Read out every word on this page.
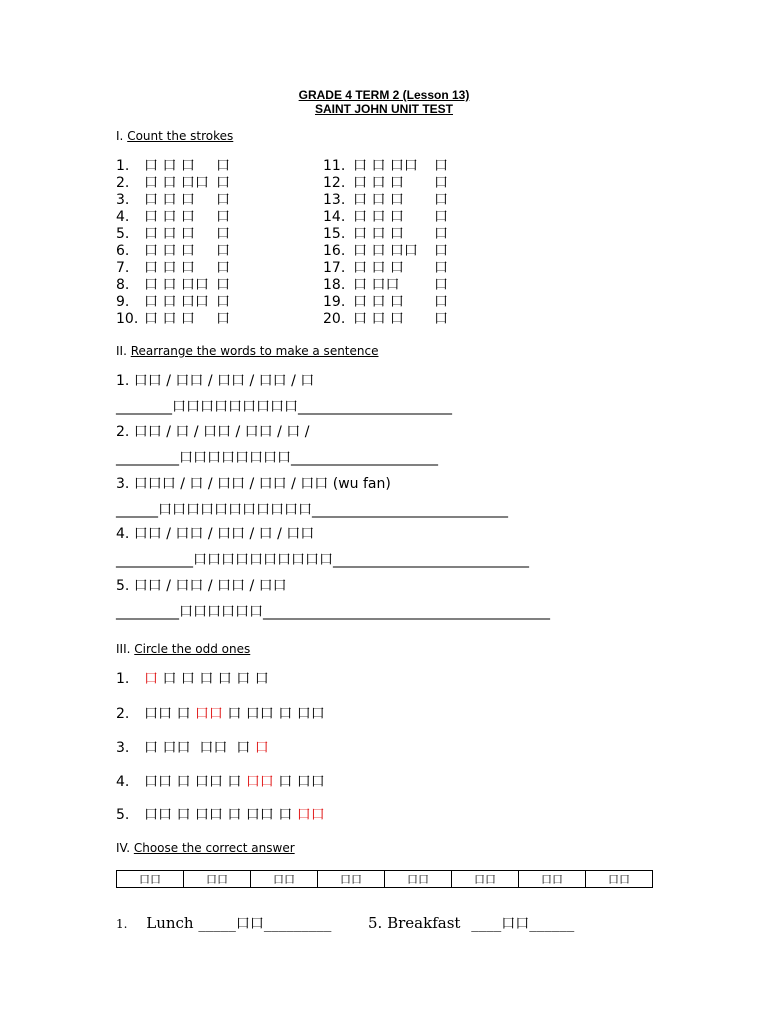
GRADE 4 TERM 2 (Lesson 13)
SAINT JOHN UNIT TEST
I. Count the strokes
1. 口 口 口 口
2. 口 口 口口 口
3. 口 口 口 口
4. 口 口 口 口
5. 口 口 口 口
6. 口 口 口 口
7. 口 口 口 口
8. 口 口 口口 口
9. 口 口 口口 口
10. 口 口 口 口
11. 口 口 口口 口
12. 口 口 口 口
13. 口 口 口 口
14. 口 口 口 口
15. 口 口 口 口
16. 口 口 口口 口
17. 口 口 口 口
18. 口 口口 口
19. 口 口 口 口
20. 口 口 口 口
II. Rearrange the words to make a sentence
1. 口口 / 口口 / 口口 / 口口 / 口
________口口口口口口口口口______________________
2. 口口 / 口 / 口口 / 口口 / 口 /
_________口口口口口口口口_____________________
3. 口口口 / 口 / 口口 / 口口 / 口口 (wu fan)
______口口口口口口口口口口口____________________________
4. 口口 / 口口 / 口口 / 口 / 口口
___________口口口口口口口口口口____________________________
5. 口口 / 口口 / 口口 / 口口
_________口口口口口口_________________________________________
III. Circle the odd ones
1. 口 口 口 口 口 口 口
2. 口口 口 口口 口 口口 口 口口
3. 口 口口  口口  口 口
4. 口口 口 口口 口 口口 口 口口
5. 口口 口 口口 口 口口 口 口口
IV. Choose the correct answer
口口	口口	口口	口口	口口	口口	口口	口口
1. Lunch _____口口_________ 5. Breakfast ____口口______
